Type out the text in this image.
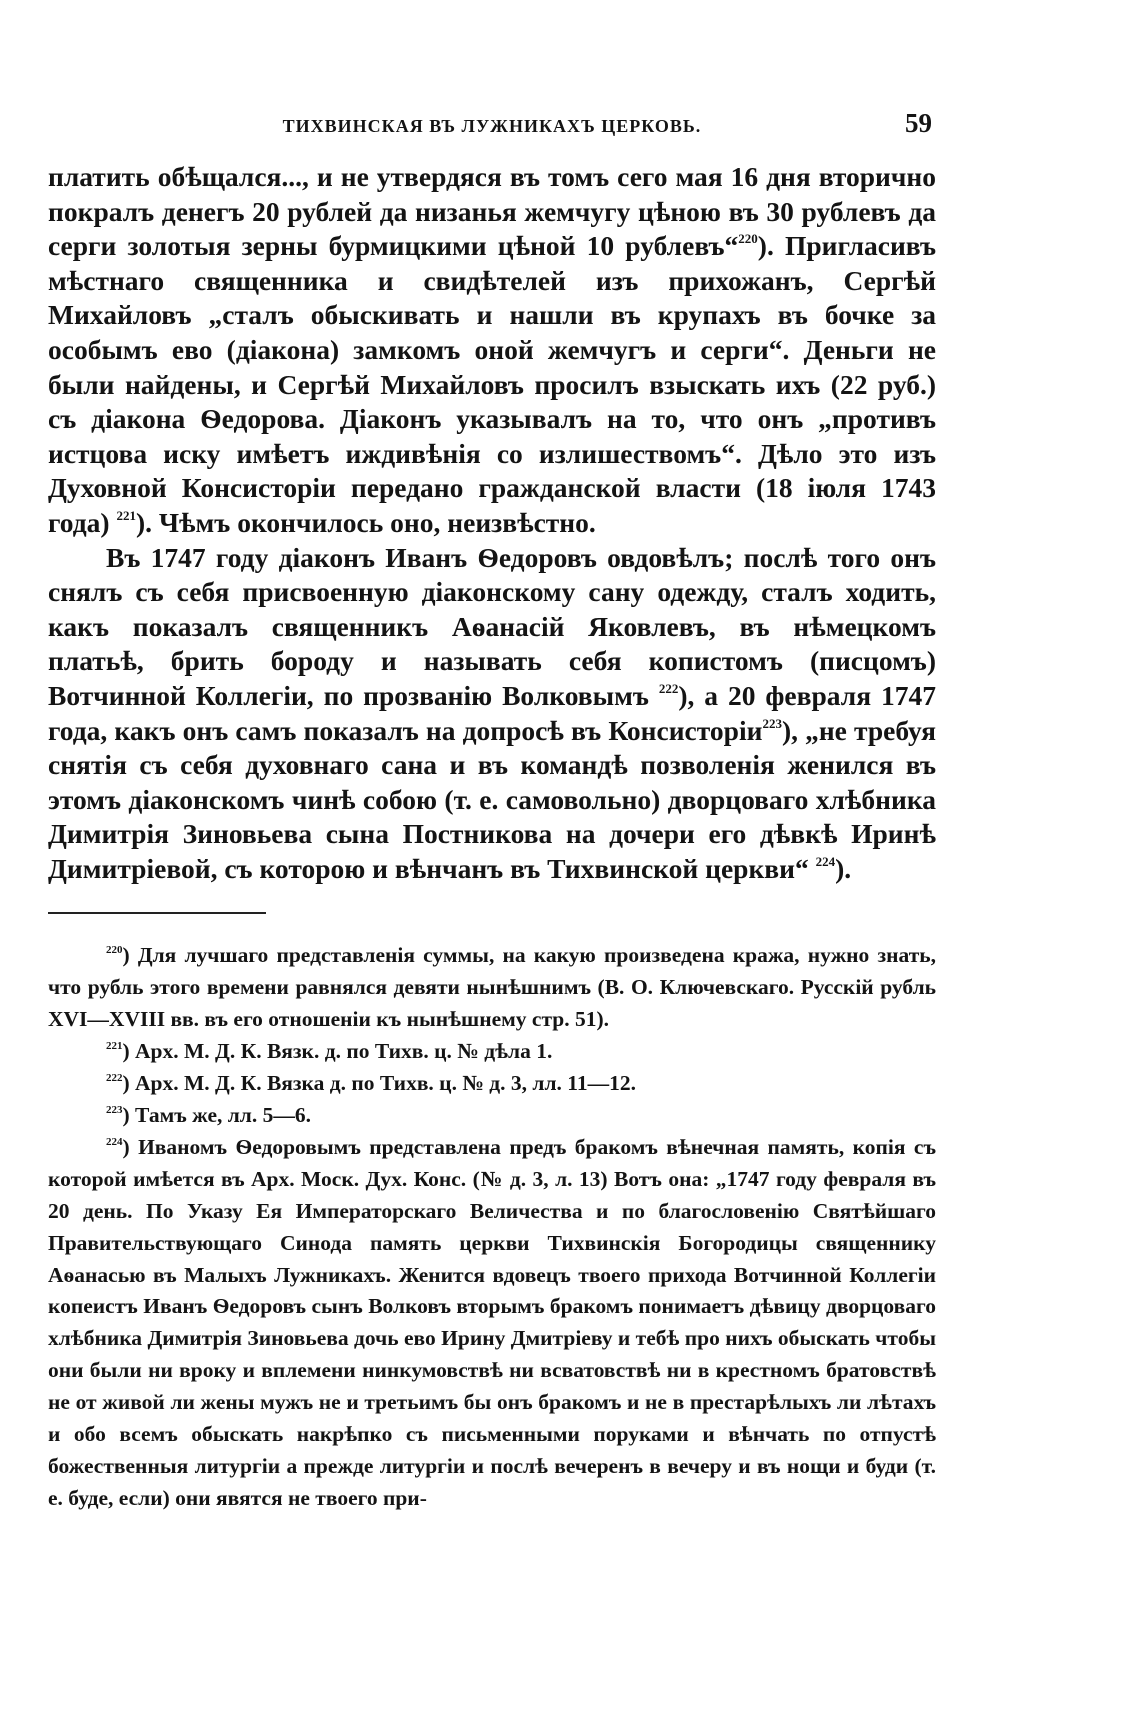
ТИХВИНСКАЯ ВЪ ЛУЖНИКАХЪ ЦЕРКОВЬ.	59

платить обѣщался..., и не утвердяся въ томъ сего мая 16 дня вторично покралъ денегъ 20 рублей да низанья жемчугу цѣною въ 30 рублевъ да серги золотыя зерны бурмицкими цѣной 10 рублевъ“$^{220}$). Пригласивъ мѣстнаго священника и свидѣтелей изъ прихожанъ, Сергѣй Михайловъ „сталъ обыскивать и нашли въ крупахъ въ бочке за особымъ ево (діакона) замкомъ оной жемчугъ и серги“. Деньги не были найдены, и Сергѣй Михайловъ просилъ взыскать ихъ (22 руб.) съ діакона Ѳедорова. Діаконъ указывалъ на то, что онъ „противъ истцова иску имѣетъ иждивѣнія со излишествомъ“. Дѣло это изъ Духовной Консисторіи передано гражданской власти (18 іюля 1743 года) $^{221}$). Чѣмъ окончилось оно, неизвѣстно.

Въ 1747 году діаконъ Иванъ Ѳедоровъ овдовѣлъ; послѣ того онъ снялъ съ себя присвоенную діаконскому сану одежду, сталъ ходить, какъ показалъ священникъ Аѳанасій Яковлевъ, въ нѣмецкомъ платьѣ, брить бороду и называть себя копистомъ (писцомъ) Вотчинной Коллегіи, по прозванію Волковымъ $^{222}$), а 20 февраля 1747 года, какъ онъ самъ показалъ на допросѣ въ Консисторіи$^{223}$), „не требуя снятія съ себя духовнаго сана и въ командѣ позволенія женился въ этомъ діаконскомъ чинѣ собою (т. е. самовольно) дворцоваго хлѣбника Димитрія Зиновьева сына Постникова на дочери его дѣвкѣ Иринѣ Димитріевой, съ которою и вѣнчанъ въ Тихвинской церкви“ $^{224}$).

$^{220}$) Для лучшаго представленія суммы, на какую произведена кража, нужно знать, что рубль этого времени равнялся девяти нынѣшнимъ (В. О. Ключевскаго. Русскій рубль XVI—XVIII вв. въ его отношеніи къ нынѣшнему стр. 51).

$^{221}$) Арх. М. Д. К. Вязк. д. по Тихв. ц. № дѣла 1.

$^{222}$) Арх. М. Д. К. Вязка д. по Тихв. ц. № д. 3, лл. 11—12.

$^{223}$) Тамъ же, лл. 5—6.

$^{224}$) Иваномъ Ѳедоровымъ представлена предъ бракомъ вѣнечная память, копія съ которой имѣется въ Арх. Моск. Дух. Конс. (№ д. 3, л. 13) Вотъ она: „1747 году февраля въ 20 день. По Указу Ея Императорскаго Величества и по благословенію Святѣйшаго Правительствующаго Синода память церкви Тихвинскія Богородицы священнику Аѳанасью въ Малыхъ Лужникахъ. Женится вдовецъ твоего прихода Вотчинной Коллегіи копеистъ Иванъ Ѳедоровъ сынъ Волковъ вторымъ бракомъ понимаетъ дѣвицу дворцоваго хлѣбника Димитрія Зиновьева дочь ево Ирину Дмитріеву и тебѣ про нихъ обыскать чтобы они были ни вроку и вплемени нинкумовствѣ ни всватовствѣ ни в крестномъ братовствѣ не от живой ли жены мужъ не и третьимъ бы онъ бракомъ и не в престарѣлыхъ ли лѣтахъ и обо всемъ обыскать накрѣпко съ письменными поруками и вѣнчать по отпустѣ божественныя литургіи а прежде литургіи и послѣ вечеренъ в вечеру и въ нощи и буди (т. е. буде, если) они явятся не твоего при-
